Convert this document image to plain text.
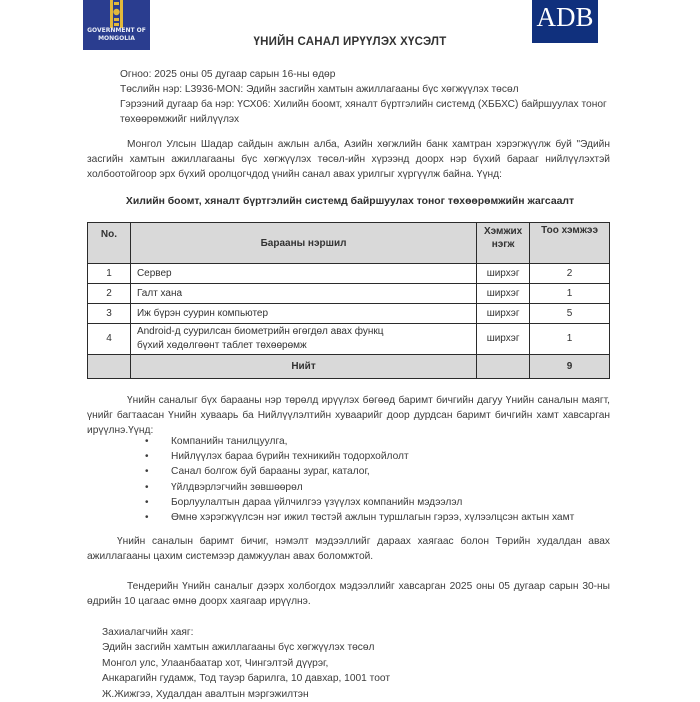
GOVERNMENT OF
MONGOLIA
ADB
ҮНИЙН САНАЛ ИРҮҮЛЭХ ХҮСЭЛТ
Огноо: 2025 оны 05 дугаар сарын 16-ны өдөр
Төслийн нэр: L3936-MON: Эдийн засгийн хамтын ажиллагааны бүс хөгжүүлэх төсөл
Гэрээний дугаар ба нэр: ҮСХ06: Хилийн боомт, хяналт бүртгэлийн системд (ХББХС) байршуулах тоног төхөөрөмжийг нийлүүлэх
Монгол Улсын Шадар сайдын ажлын алба, Азийн хөгжлийн банк хамтран хэрэгжүүлж буй "Эдийн засгийн хамтын ажиллагааны бүс хөгжүүлэх төсөл-ийн хүрээнд доорх нэр бүхий барааг нийлүүлэхтэй холбоотойгоор эрх бүхий оролцогчдод үнийн санал авах урилгыг хүргүүлж байна. Үүнд:
Хилийн боомт, хяналт бүртгэлийн системд байршуулах тоног төхөөрөмжийн жагсаалт
No.	Барааны нэршил	Хэмжих нэгж	Тоо хэмжээ
1	Сервер	ширхэг	2
2	Галт хана	ширхэг	1
3	Иж бүрэн суурин компьютер	ширхэг	5
4	Android-д суурилсан биометрийн өгөгдөл авах функц бүхий хөдөлгөөнт таблет төхөөрөмж	ширхэг	1
	Нийт		9
Үнийн саналыг бүх барааны нэр төрөлд ирүүлэх бөгөөд баримт бичгийн дагуу Үнийн саналын маягт, үнийг багтаасан Үнийн хуваарь ба Нийлүүлэлтийн хуваарийг доор дурдсан баримт бичгийн хамт хавсарган ирүүлнэ.Үүнд:
• Компанийн танилцуулга,
• Нийлүүлэх бараа бүрийн техникийн тодорхойлолт
• Санал болгож буй барааны зураг, каталог,
• Үйлдвэрлэгчийн зөвшөөрөл
• Борлуулалтын дараа үйлчилгээ үзүүлэх компанийн мэдээлэл
• Өмнө хэрэгжүүлсэн нэг ижил төстэй ажлын туршлагын гэрээ, хүлээлцсэн актын хамт
Үнийн саналын баримт бичиг, нэмэлт мэдээллийг дараах хаягаас болон Төрийн худалдан авах ажиллагааны цахим системээр дамжуулан авах боломжтой.
Тендерийн Үнийн саналыг дээрх холбогдох мэдээллийг хавсарган 2025 оны 05 дугаар сарын 30-ны өдрийн 10 цагаас өмнө доорх хаягаар ирүүлнэ.
Захиалагчийн хаяг:
Эдийн засгийн хамтын ажиллагааны бүс хөгжүүлэх төсөл
Монгол улс, Улаанбаатар хот, Чингэлтэй дүүрэг,
Анкарагийн гудамж, Тод тауэр барилга, 10 давхар, 1001 тоот
Ж.Жижгээ, Худалдан авалтын мэргэжилтэн
